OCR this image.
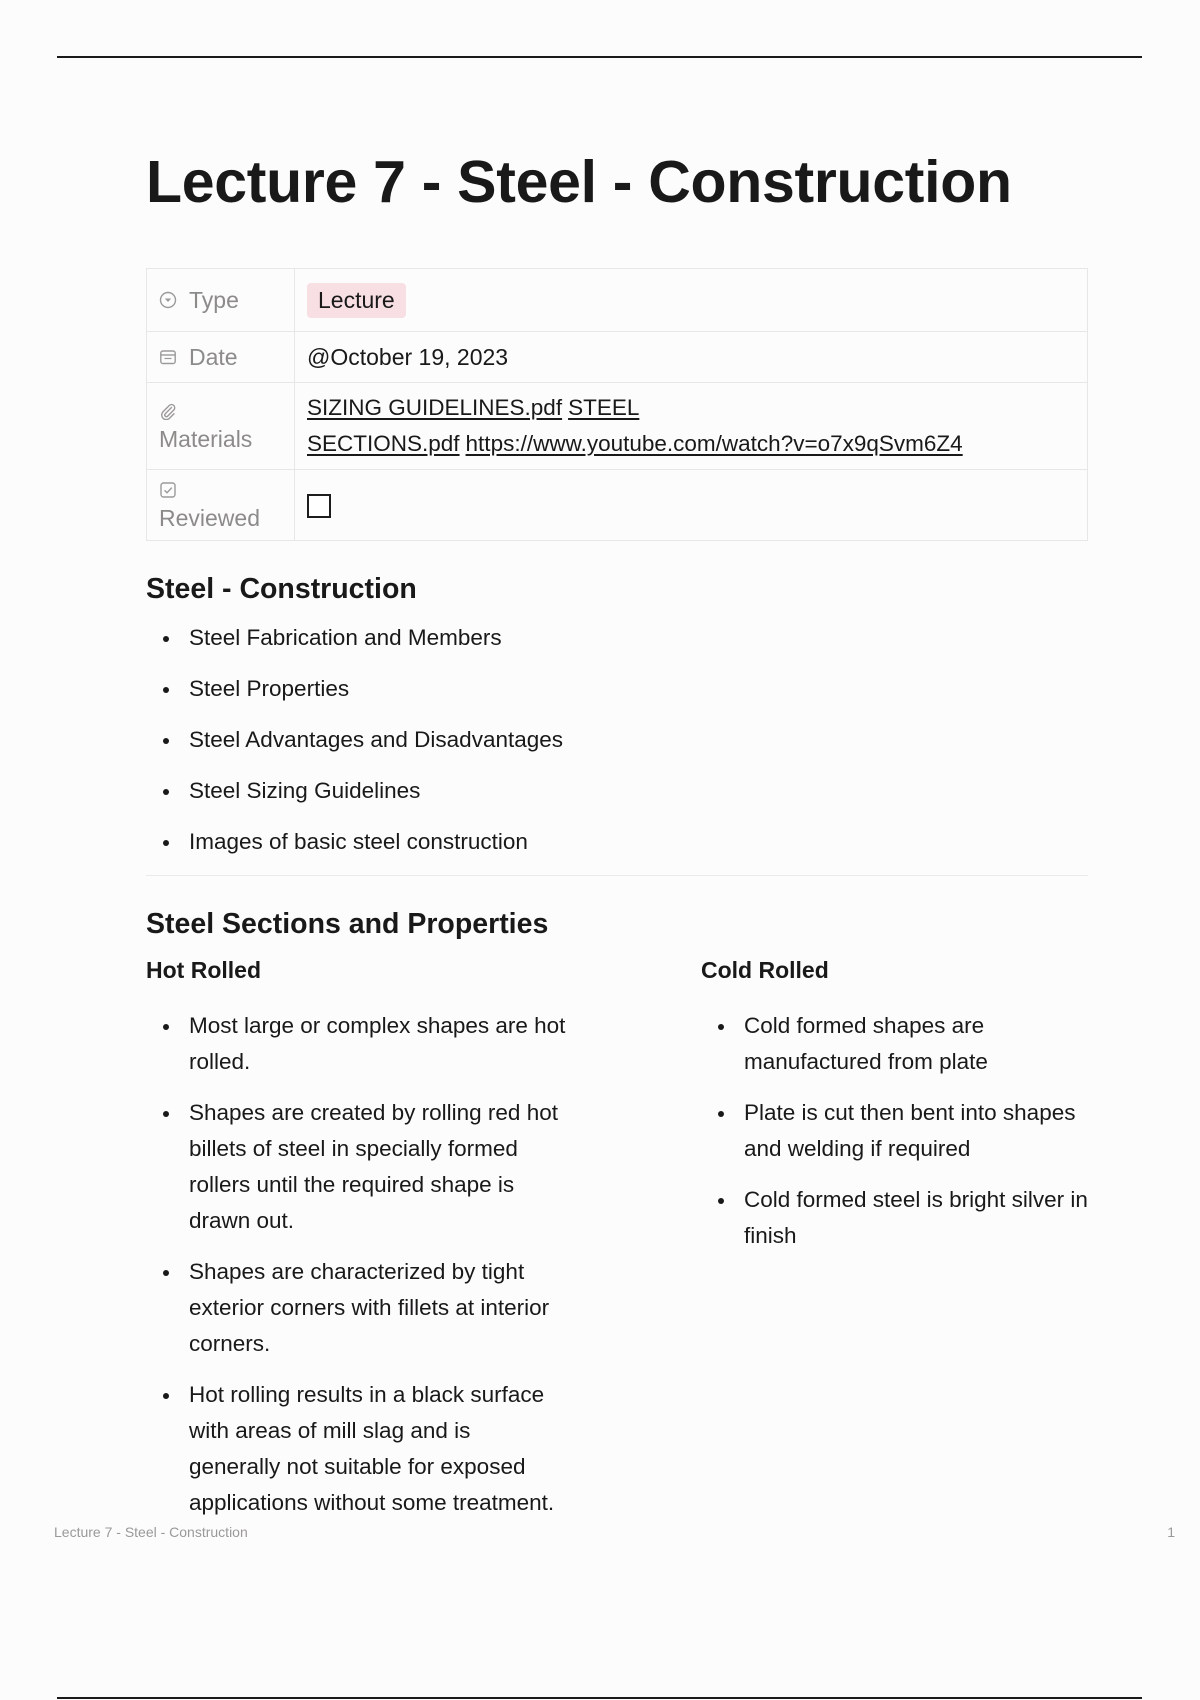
Lecture 7 - Steel - Construction
Type	Lecture

Date	@October 19, 2023

Materials	SIZING GUIDELINES.pdf STEEL SECTIONS.pdf https://www.youtube.com/watch?v=o7x9qSvm6Z4

Reviewed	
Steel - Construction
Steel Fabrication and Members
Steel Properties
Steel Advantages and Disadvantages
Steel Sizing Guidelines
Images of basic steel construction
Steel Sections and Properties
Hot Rolled
Most large or complex shapes are hot rolled.
Shapes are created by rolling red hot billets of steel in specially formed rollers until the required shape is drawn out.
Shapes are characterized by tight exterior corners with fillets at interior corners.
Hot rolling results in a black surface with areas of mill slag and is generally not suitable for exposed applications without some treatment.
Cold Rolled
Cold formed shapes are manufactured from plate
Plate is cut then bent into shapes and welding if required
Cold formed steel is bright silver in finish
Lecture 7 - Steel - Construction	1
